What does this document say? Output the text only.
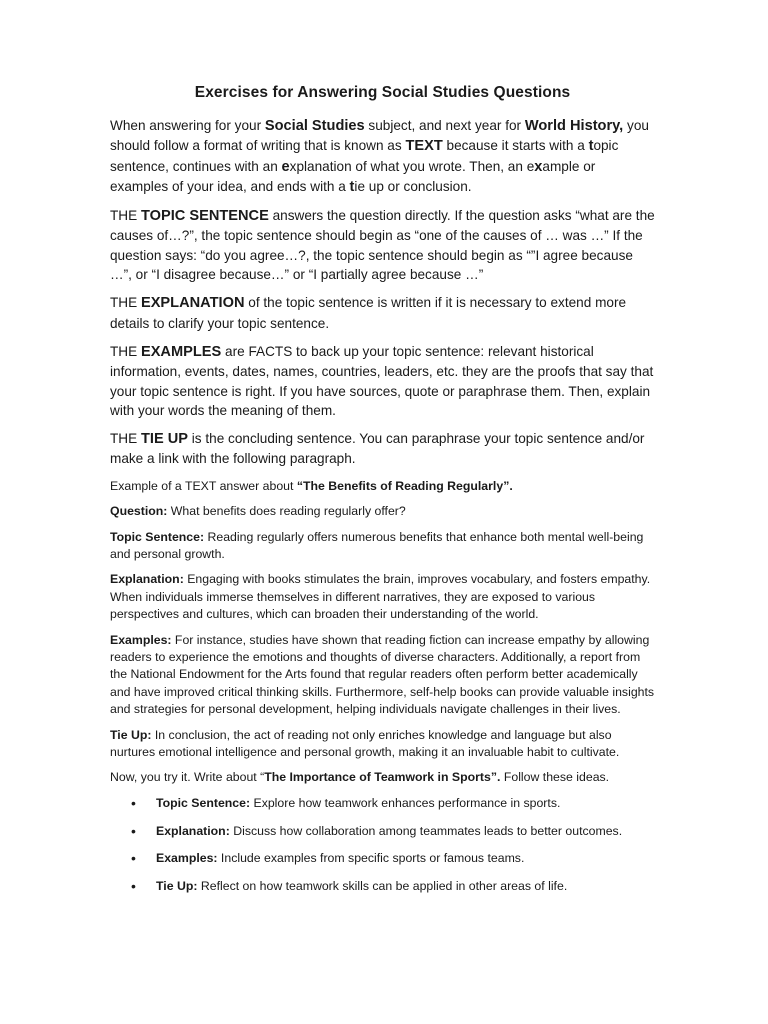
Exercises for Answering Social Studies Questions

When answering for your Social Studies subject, and next year for World History, you should follow a format of writing that is known as TEXT because it starts with a topic sentence, continues with an explanation of what you wrote. Then, an example or examples of your idea, and ends with a tie up or conclusion.

THE TOPIC SENTENCE answers the question directly. If the question asks “what are the causes of…?”, the topic sentence should begin as “one of the causes of … was …” If the question says: “do you agree…?, the topic sentence should begin as “”I agree because …”, or “I disagree because…” or “I partially agree because …”

THE EXPLANATION of the topic sentence is written if it is necessary to extend more details to clarify your topic sentence.

THE EXAMPLES are FACTS to back up your topic sentence: relevant historical information, events, dates, names, countries, leaders, etc. they are the proofs that say that your topic sentence is right. If you have sources, quote or paraphrase them. Then, explain with your words the meaning of them.

THE TIE UP is the concluding sentence. You can paraphrase your topic sentence and/or make a link with the following paragraph.

Example of a TEXT answer about “The Benefits of Reading Regularly”.

Question: What benefits does reading regularly offer?

Topic Sentence: Reading regularly offers numerous benefits that enhance both mental well-being and personal growth.

Explanation: Engaging with books stimulates the brain, improves vocabulary, and fosters empathy. When individuals immerse themselves in different narratives, they are exposed to various perspectives and cultures, which can broaden their understanding of the world.

Examples: For instance, studies have shown that reading fiction can increase empathy by allowing readers to experience the emotions and thoughts of diverse characters. Additionally, a report from the National Endowment for the Arts found that regular readers often perform better academically and have improved critical thinking skills. Furthermore, self-help books can provide valuable insights and strategies for personal development, helping individuals navigate challenges in their lives.

Tie Up: In conclusion, the act of reading not only enriches knowledge and language but also nurtures emotional intelligence and personal growth, making it an invaluable habit to cultivate.

Now, you try it. Write about “The Importance of Teamwork in Sports”. Follow these ideas.

• Topic Sentence: Explore how teamwork enhances performance in sports.
• Explanation: Discuss how collaboration among teammates leads to better outcomes.
• Examples: Include examples from specific sports or famous teams.
• Tie Up: Reflect on how teamwork skills can be applied in other areas of life.
